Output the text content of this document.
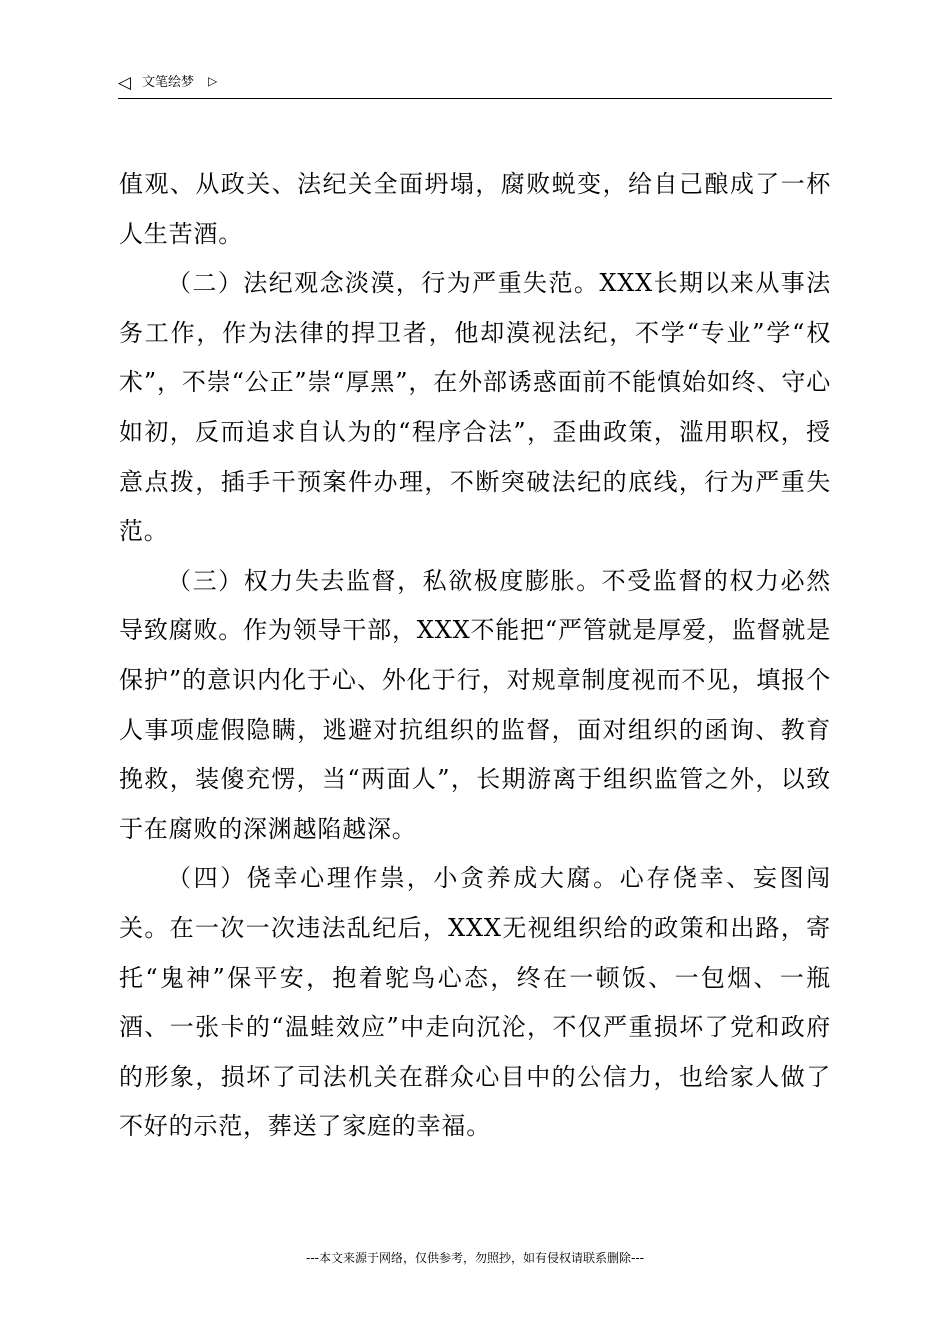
◁ 文笔绘梦 ▷

值观、从政关、法纪关全面坍塌，腐败蜕变，给自己酿成了一杯人生苦酒。

（二）法纪观念淡漠，行为严重失范。XXX长期以来从事法务工作，作为法律的捍卫者，他却漠视法纪，不学“专业”学“权术”，不崇“公正”崇“厚黑”，在外部诱惑面前不能慎始如终、守心如初，反而追求自认为的“程序合法”，歪曲政策，滥用职权，授意点拨，插手干预案件办理，不断突破法纪的底线，行为严重失范。

（三）权力失去监督，私欲极度膨胀。不受监督的权力必然导致腐败。作为领导干部，XXX不能把“严管就是厚爱，监督就是保护”的意识内化于心、外化于行，对规章制度视而不见，填报个人事项虚假隐瞒，逃避对抗组织的监督，面对组织的函询、教育挽救，装傻充愣，当“两面人”，长期游离于组织监管之外，以致于在腐败的深渊越陷越深。

（四）侥幸心理作祟，小贪养成大腐。心存侥幸、妄图闯关。在一次一次违法乱纪后，XXX无视组织给的政策和出路，寄托“鬼神”保平安，抱着鸵鸟心态，终在一顿饭、一包烟、一瓶酒、一张卡的“温蛙效应”中走向沉沦，不仅严重损坏了党和政府的形象，损坏了司法机关在群众心目中的公信力，也给家人做了不好的示范，葬送了家庭的幸福。

---本文来源于网络，仅供参考，勿照抄，如有侵权请联系删除---
